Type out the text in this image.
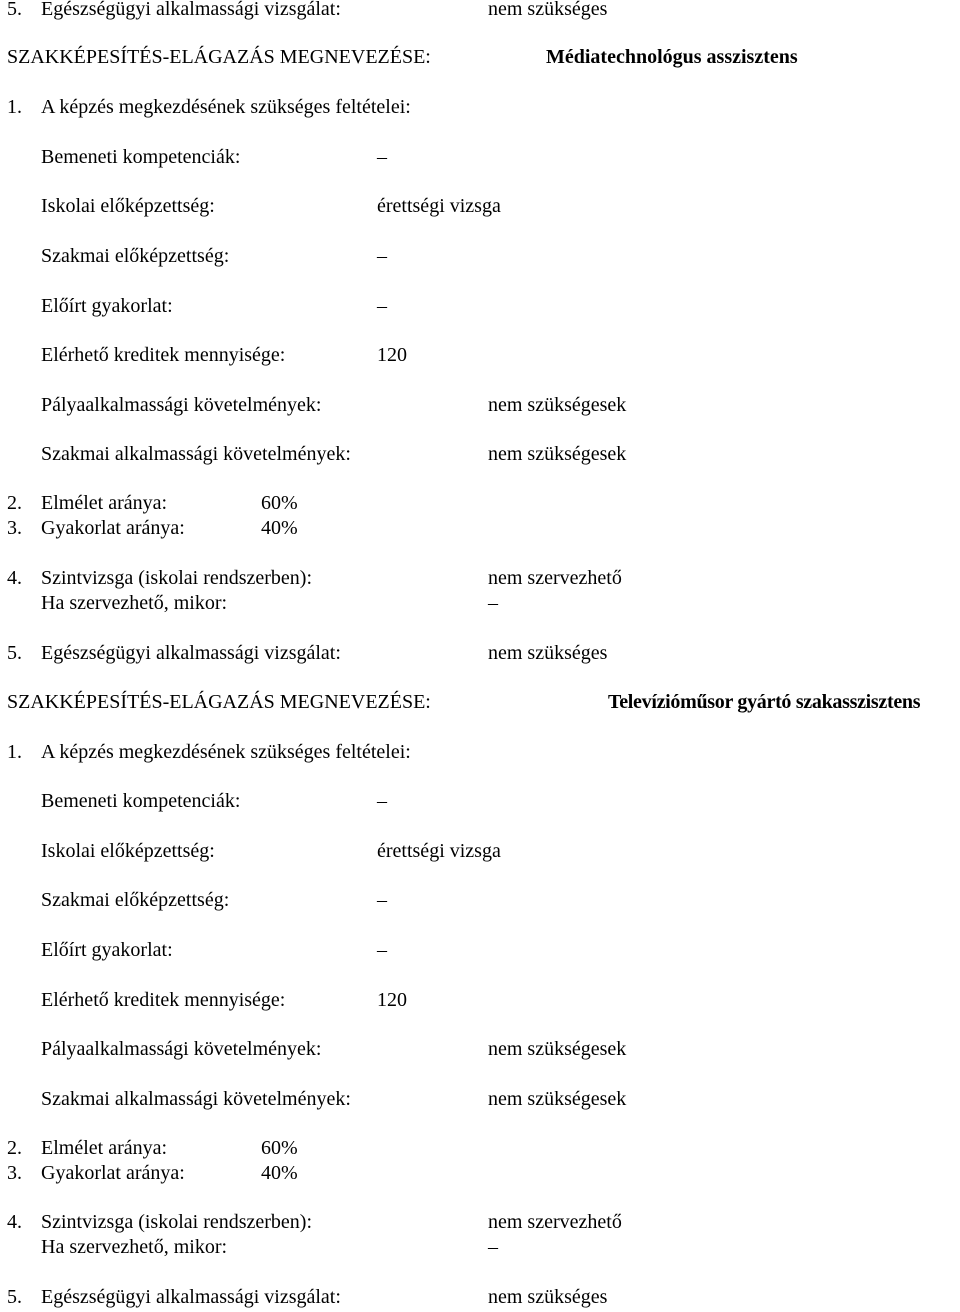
5. Egészségügyi alkalmassági vizsgálat:	nem szükséges
SZAKKÉPESÍTÉS-ELÁGAZÁS MEGNEVEZÉSE:	Médiatechnológus asszisztens
1. A képzés megkezdésének szükséges feltételei:
Bemeneti kompetenciák:	–
Iskolai előképzettség:	érettségi vizsga
Szakmai előképzettség:	–
Előírt gyakorlat:	–
Elérhető kreditek mennyisége:	120
Pályaalkalmassági követelmények:	nem szükségesek
Szakmai alkalmassági követelmények:	nem szükségesek
2. Elmélet aránya:	60%
3. Gyakorlat aránya:	40%
4. Szintvizsga (iskolai rendszerben):	nem szervezhető
Ha szervezhető, mikor:	–
5. Egészségügyi alkalmassági vizsgálat:	nem szükséges
SZAKKÉPESÍTÉS-ELÁGAZÁS MEGNEVEZÉSE:	Televízióműsor gyártó szakasszisztens
1. A képzés megkezdésének szükséges feltételei:
Bemeneti kompetenciák:	–
Iskolai előképzettség:	érettségi vizsga
Szakmai előképzettség:	–
Előírt gyakorlat:	–
Elérhető kreditek mennyisége:	120
Pályaalkalmassági követelmények:	nem szükségesek
Szakmai alkalmassági követelmények:	nem szükségesek
2. Elmélet aránya:	60%
3. Gyakorlat aránya:	40%
4. Szintvizsga (iskolai rendszerben):	nem szervezhető
Ha szervezhető, mikor:	–
5. Egészségügyi alkalmassági vizsgálat:	nem szükséges
